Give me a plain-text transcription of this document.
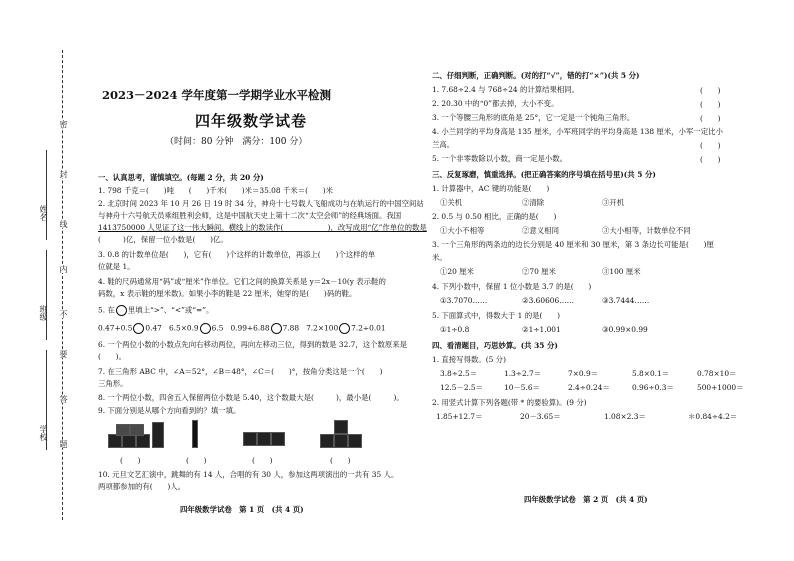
密
封
线
内
不
要
答
题
姓名
班级
学校
2023－2024 学年度第一学期学业水平检测
四年级数学试卷
（时间：80 分钟　满分：100 分）
一、认真思考，谨慎填空。(每题 2 分，共 20 分)
1. 798 千克＝(　　)吨　　(　　)千米(　　)米＝35.08 千米＝(　　)米
2. 北京时间 2023 年 10 月 26 日 19 时 34 分，神舟十七号载人飞船成功与在轨运行的中国空间站
与神舟十六号航天员乘组胜利会师，这是中国航天史上第十二次“太空会师”的经典场面。我国
1413750000 人见证了这一伟大瞬间。横线上的数读作(　　　　　　)，改写成用“亿”作单位的数是
(　　　)亿，保留一位小数是(　　)亿。
3. 0.8 的计数单位是(　　)，它有(　　)个这样的计数单位，再添上(　　)个这样的单
位就是 1。
4. 鞋的尺码通常用“码”或“厘米”作单位。它们之间的换算关系是 y＝2x－10(y 表示鞋的
码数，x 表示鞋的厘米数)。如果小李的鞋是 22 厘米，她穿的是(　　)码的鞋。
5. 在 里填上“>”、“<”或“=”。
0.47+0.5 0.47 6.5×0.9 6.5 0.99+6.88 7.88 7.2×100 7.2÷0.01
6. 一个两位小数的小数点先向右移动两位，再向左移动三位，得到的数是 32.7，这个数原来是
(　　)。
7. 在三角形 ABC 中，∠A＝52°，∠B＝48°，∠C＝(　　)°，按角分类这是一个(　　)
三角形。
8. 一个两位小数，四舍五入保留两位小数是 5.40，这个数最大是(　　　)，最小是(　　　)。
9. 下面分别是从哪个方向看到的？填一填。
(　　)	(　　)	(　　)	(　　)
10. 元旦文艺汇演中，跳舞的有 14 人，合唱的有 30 人，参加这两项演出的一共有 35 人。
两项都参加的有(　　)人。
四年级数学试卷　第 1 页　(共 4 页)
二、仔细判断，正确判断。(对的打“√”，错的打“×”)(共 5 分)
1. 7.68÷2.4 与 768÷24 的计算结果相同。	(　　)
2. 20.30 中的“0”都去掉，大小不变。	(　　)
3. 一个等腰三角形的底角是 25°，它一定是一个钝角三角形。	(　　)
4. 小兰同学的平均身高是 135 厘米，小军班同学的平均身高是 138 厘米，小军一定比小
兰高。	(　　)
5. 一个非零数除以小数，商一定是小数。	(　　)
三、反复琢磨，慎重选择。(把正确答案的序号填在括号里)(共 5 分)
1. 计算器中，AC 键的功能是(　　)
①关机	②清除	③开机
2. 0.5 与 0.50 相比，正确的是(　　)
①大小不相等	②意义相同	③大小相等，计数单位不同
3. 一个三角形的两条边的边长分别是 40 厘米和 30 厘米，第 3 条边长可能是(　　)厘
米。
①20 厘米	②70 厘米	③100 厘米
4. 下列小数中，保留 1 位小数是 3.7 的是(　　)
①3.7070……	②3.60606……	③3.7444……
5. 下面算式中，得数大于 1 的是(　　)
①1÷0.8	②1÷1.001	③0.99×0.99
四、看清题目，巧思妙算。(共 35 分)
1. 直接写得数。(5 分)
3.8÷2.5＝	1.3÷2.7＝	7×0.9＝	5.8×0.1＝	0.78×10＝
12.5－2.5＝	10－5.6＝	2.4÷0.24＝	0.96÷0.3＝	500+1000＝
2. 用竖式计算下列各题(带 * 的要验算)。(9 分)
1.85+12.7＝	20－3.65＝	1.08×2.3＝	＊0.84÷4.2＝
四年级数学试卷　第 2 页　(共 4 页)
